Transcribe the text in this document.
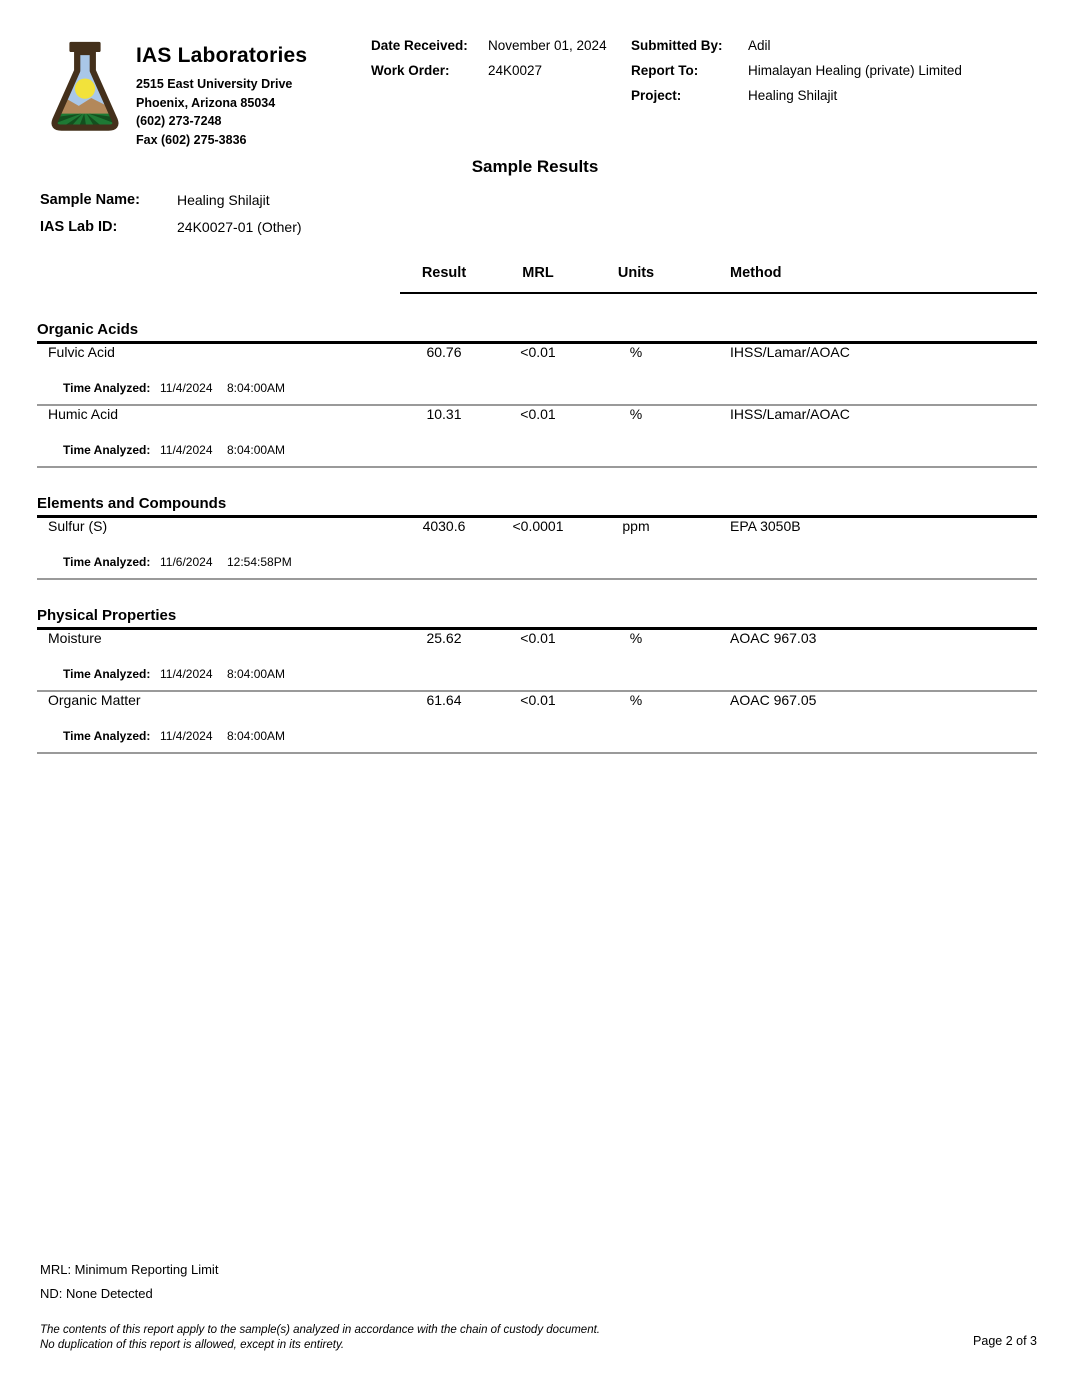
IAS Laboratories
2515 East University Drive
Phoenix, Arizona 85034
(602) 273-7248
Fax (602) 275-3836
Date Received:	November 01, 2024
Work Order:	24K0027
Submitted By:	Adil
Report To:	Himalayan Healing (private) Limited
Project:	Healing Shilajit
Sample Results
Sample Name:	Healing Shilajit
IAS Lab ID:	24K0027-01 (Other)
Result	MRL	Units	Method
Organic Acids
Fulvic Acid	60.76	<0.01	%	IHSS/Lamar/AOAC
Time Analyzed: 11/4/2024 8:04:00AM
Humic Acid	10.31	<0.01	%	IHSS/Lamar/AOAC
Time Analyzed: 11/4/2024 8:04:00AM
Elements and Compounds
Sulfur (S)	4030.6	<0.0001	ppm	EPA 3050B
Time Analyzed: 11/6/2024 12:54:58PM
Physical Properties
Moisture	25.62	<0.01	%	AOAC 967.03
Time Analyzed: 11/4/2024 8:04:00AM
Organic Matter	61.64	<0.01	%	AOAC 967.05
Time Analyzed: 11/4/2024 8:04:00AM
MRL: Minimum Reporting Limit
ND: None Detected
The contents of this report apply to the sample(s) analyzed in accordance with the chain of custody document.
No duplication of this report is allowed, except in its entirety.	Page 2 of 3
